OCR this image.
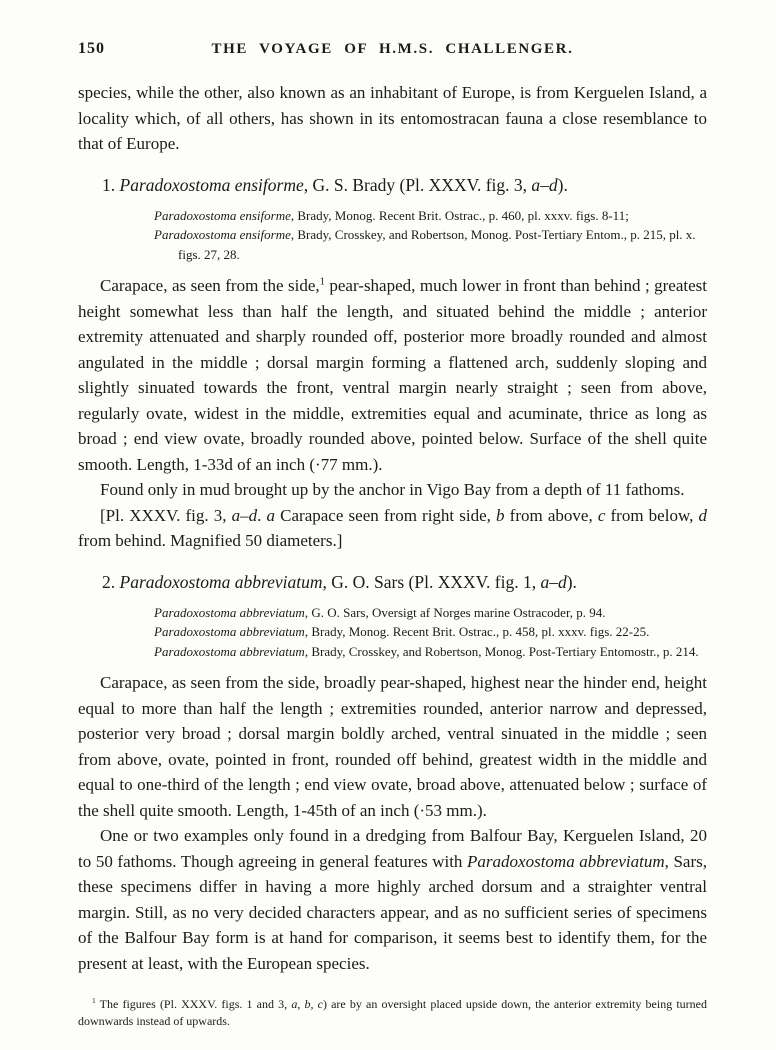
150	THE VOYAGE OF H.M.S. CHALLENGER.

species, while the other, also known as an inhabitant of Europe, is from Kerguelen Island, a locality which, of all others, has shown in its entomostracan fauna a close resemblance to that of Europe.

1. Paradoxostoma ensiforme, G. S. Brady (Pl. XXXV. fig. 3, a–d).

Paradoxostoma ensiforme, Brady, Monog. Recent Brit. Ostrac., p. 460, pl. xxxv. figs. 8-11;

Paradoxostoma ensiforme, Brady, Crosskey, and Robertson, Monog. Post-Tertiary Entom., p. 215, pl. x. figs. 27, 28.

Carapace, as seen from the side,$^1$ pear-shaped, much lower in front than behind ; greatest height somewhat less than half the length, and situated behind the middle ; anterior extremity attenuated and sharply rounded off, posterior more broadly rounded and almost angulated in the middle ; dorsal margin forming a flattened arch, suddenly sloping and slightly sinuated towards the front, ventral margin nearly straight ; seen from above, regularly ovate, widest in the middle, extremities equal and acuminate, thrice as long as broad ; end view ovate, broadly rounded above, pointed below. Surface of the shell quite smooth. Length, 1-33d of an inch (·77 mm.).

Found only in mud brought up by the anchor in Vigo Bay from a depth of 11 fathoms.

[Pl. XXXV. fig. 3, a–d. a Carapace seen from right side, b from above, c from below, d from behind. Magnified 50 diameters.]

2. Paradoxostoma abbreviatum, G. O. Sars (Pl. XXXV. fig. 1, a–d).

Paradoxostoma abbreviatum, G. O. Sars, Oversigt af Norges marine Ostracoder, p. 94.

Paradoxostoma abbreviatum, Brady, Monog. Recent Brit. Ostrac., p. 458, pl. xxxv. figs. 22-25.

Paradoxostoma abbreviatum, Brady, Crosskey, and Robertson, Monog. Post-Tertiary Entomostr., p. 214.

Carapace, as seen from the side, broadly pear-shaped, highest near the hinder end, height equal to more than half the length ; extremities rounded, anterior narrow and depressed, posterior very broad ; dorsal margin boldly arched, ventral sinuated in the middle ; seen from above, ovate, pointed in front, rounded off behind, greatest width in the middle and equal to one-third of the length ; end view ovate, broad above, attenuated below ; surface of the shell quite smooth. Length, 1-45th of an inch (·53 mm.).

One or two examples only found in a dredging from Balfour Bay, Kerguelen Island, 20 to 50 fathoms. Though agreeing in general features with Paradoxostoma abbreviatum, Sars, these specimens differ in having a more highly arched dorsum and a straighter ventral margin. Still, as no very decided characters appear, and as no sufficient series of specimens of the Balfour Bay form is at hand for comparison, it seems best to identify them, for the present at least, with the European species.

$^1$ The figures (Pl. XXXV. figs. 1 and 3, a, b, c) are by an oversight placed upside down, the anterior extremity being turned downwards instead of upwards.
